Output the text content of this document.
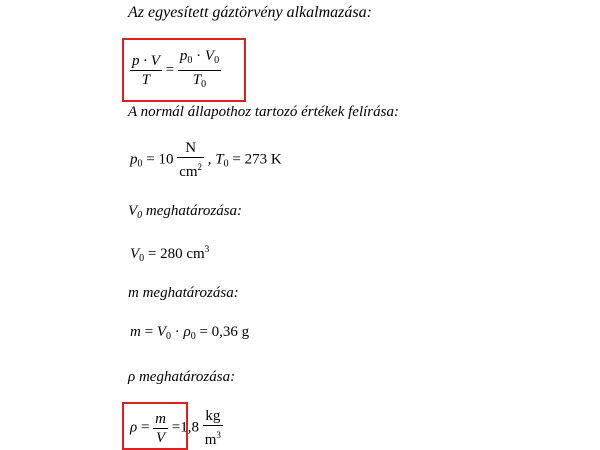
Az egyesített gáztörvény alkalmazása:
$\frac{p \cdot V}{T} = \frac{p_0 \cdot V_0}{T_0}$
A normál állapothoz tartozó értékek felírása:
$p_0 = 10 \frac{N}{cm^2}$ , $T_0 = 273$ K
$V_0$ meghatározása:
$V_0 = 280$ $cm^3$
m meghatározása:
$m = V_0 \cdot \rho_0 = 0,36$ g
ρ meghatározása:
$\rho = \frac{m}{V} =1,8 \frac{kg}{m^3}$
